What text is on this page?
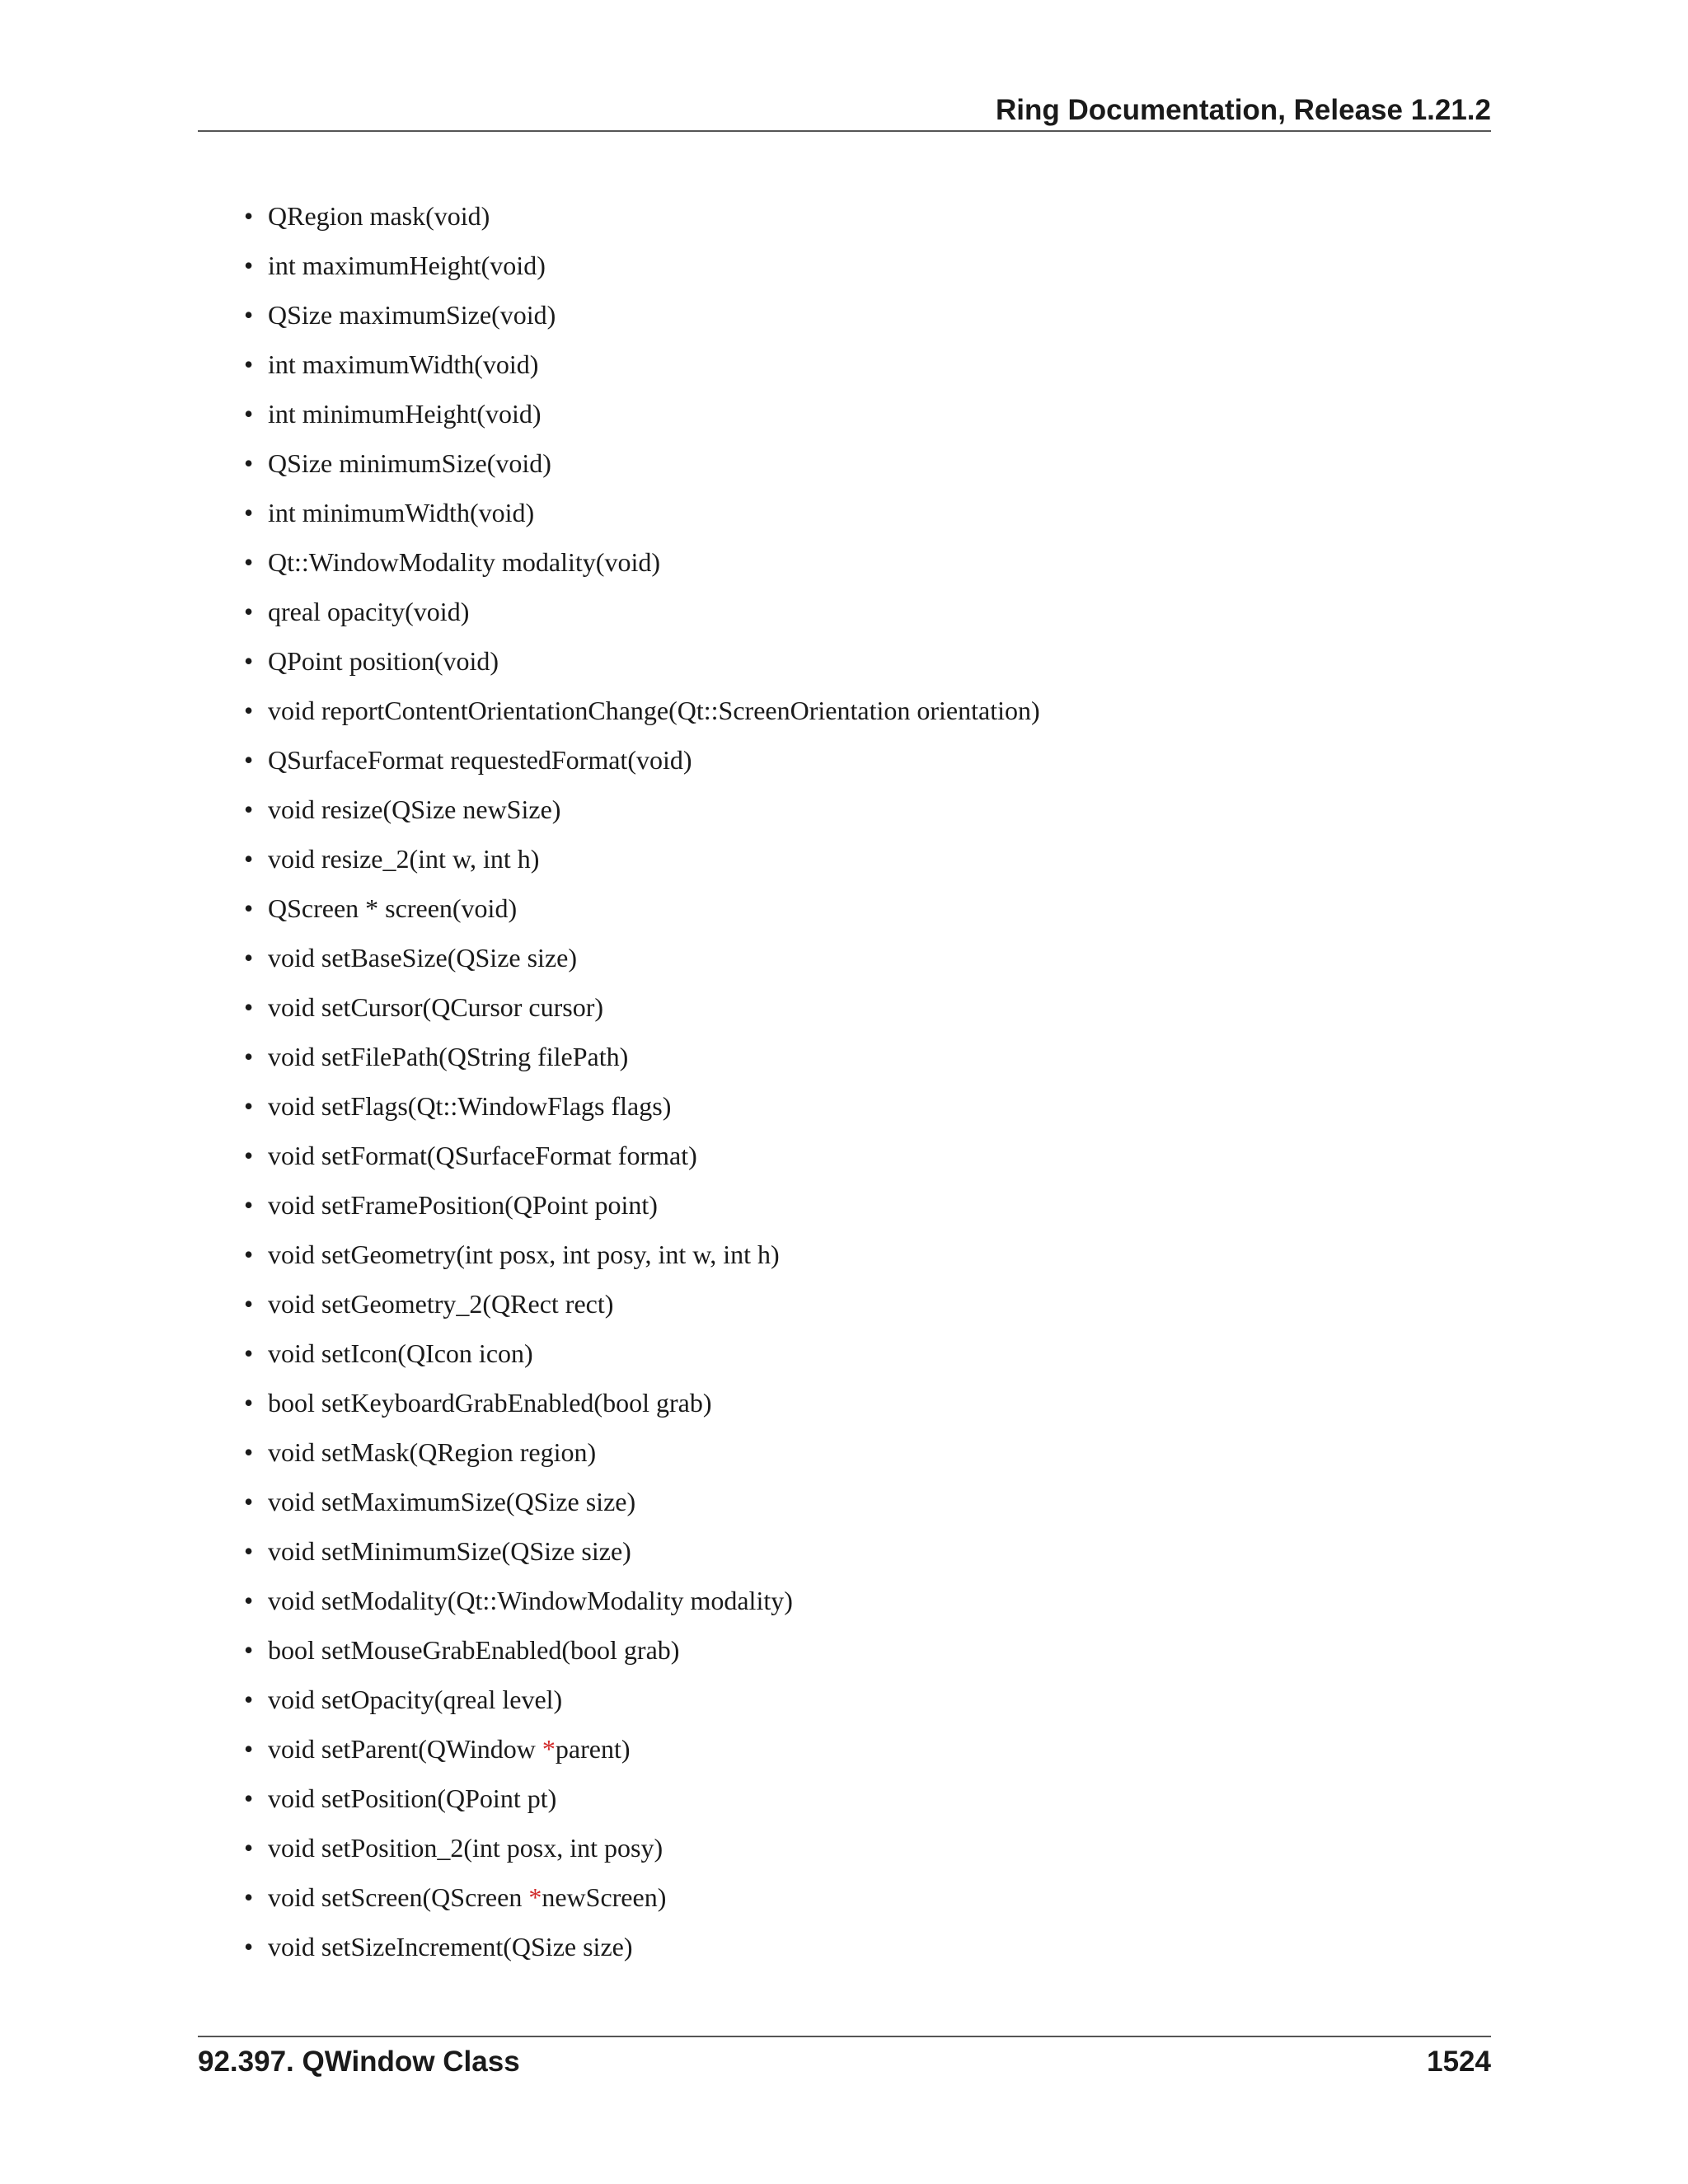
Ring Documentation, Release 1.21.2
• QRegion mask(void)
• int maximumHeight(void)
• QSize maximumSize(void)
• int maximumWidth(void)
• int minimumHeight(void)
• QSize minimumSize(void)
• int minimumWidth(void)
• Qt::WindowModality modality(void)
• qreal opacity(void)
• QPoint position(void)
• void reportContentOrientationChange(Qt::ScreenOrientation orientation)
• QSurfaceFormat requestedFormat(void)
• void resize(QSize newSize)
• void resize_2(int w, int h)
• QScreen * screen(void)
• void setBaseSize(QSize size)
• void setCursor(QCursor cursor)
• void setFilePath(QString filePath)
• void setFlags(Qt::WindowFlags flags)
• void setFormat(QSurfaceFormat format)
• void setFramePosition(QPoint point)
• void setGeometry(int posx, int posy, int w, int h)
• void setGeometry_2(QRect rect)
• void setIcon(QIcon icon)
• bool setKeyboardGrabEnabled(bool grab)
• void setMask(QRegion region)
• void setMaximumSize(QSize size)
• void setMinimumSize(QSize size)
• void setModality(Qt::WindowModality modality)
• bool setMouseGrabEnabled(bool grab)
• void setOpacity(qreal level)
• void setParent(QWindow *parent)
• void setPosition(QPoint pt)
• void setPosition_2(int posx, int posy)
• void setScreen(QScreen *newScreen)
• void setSizeIncrement(QSize size)
92.397. QWindow Class	1524
